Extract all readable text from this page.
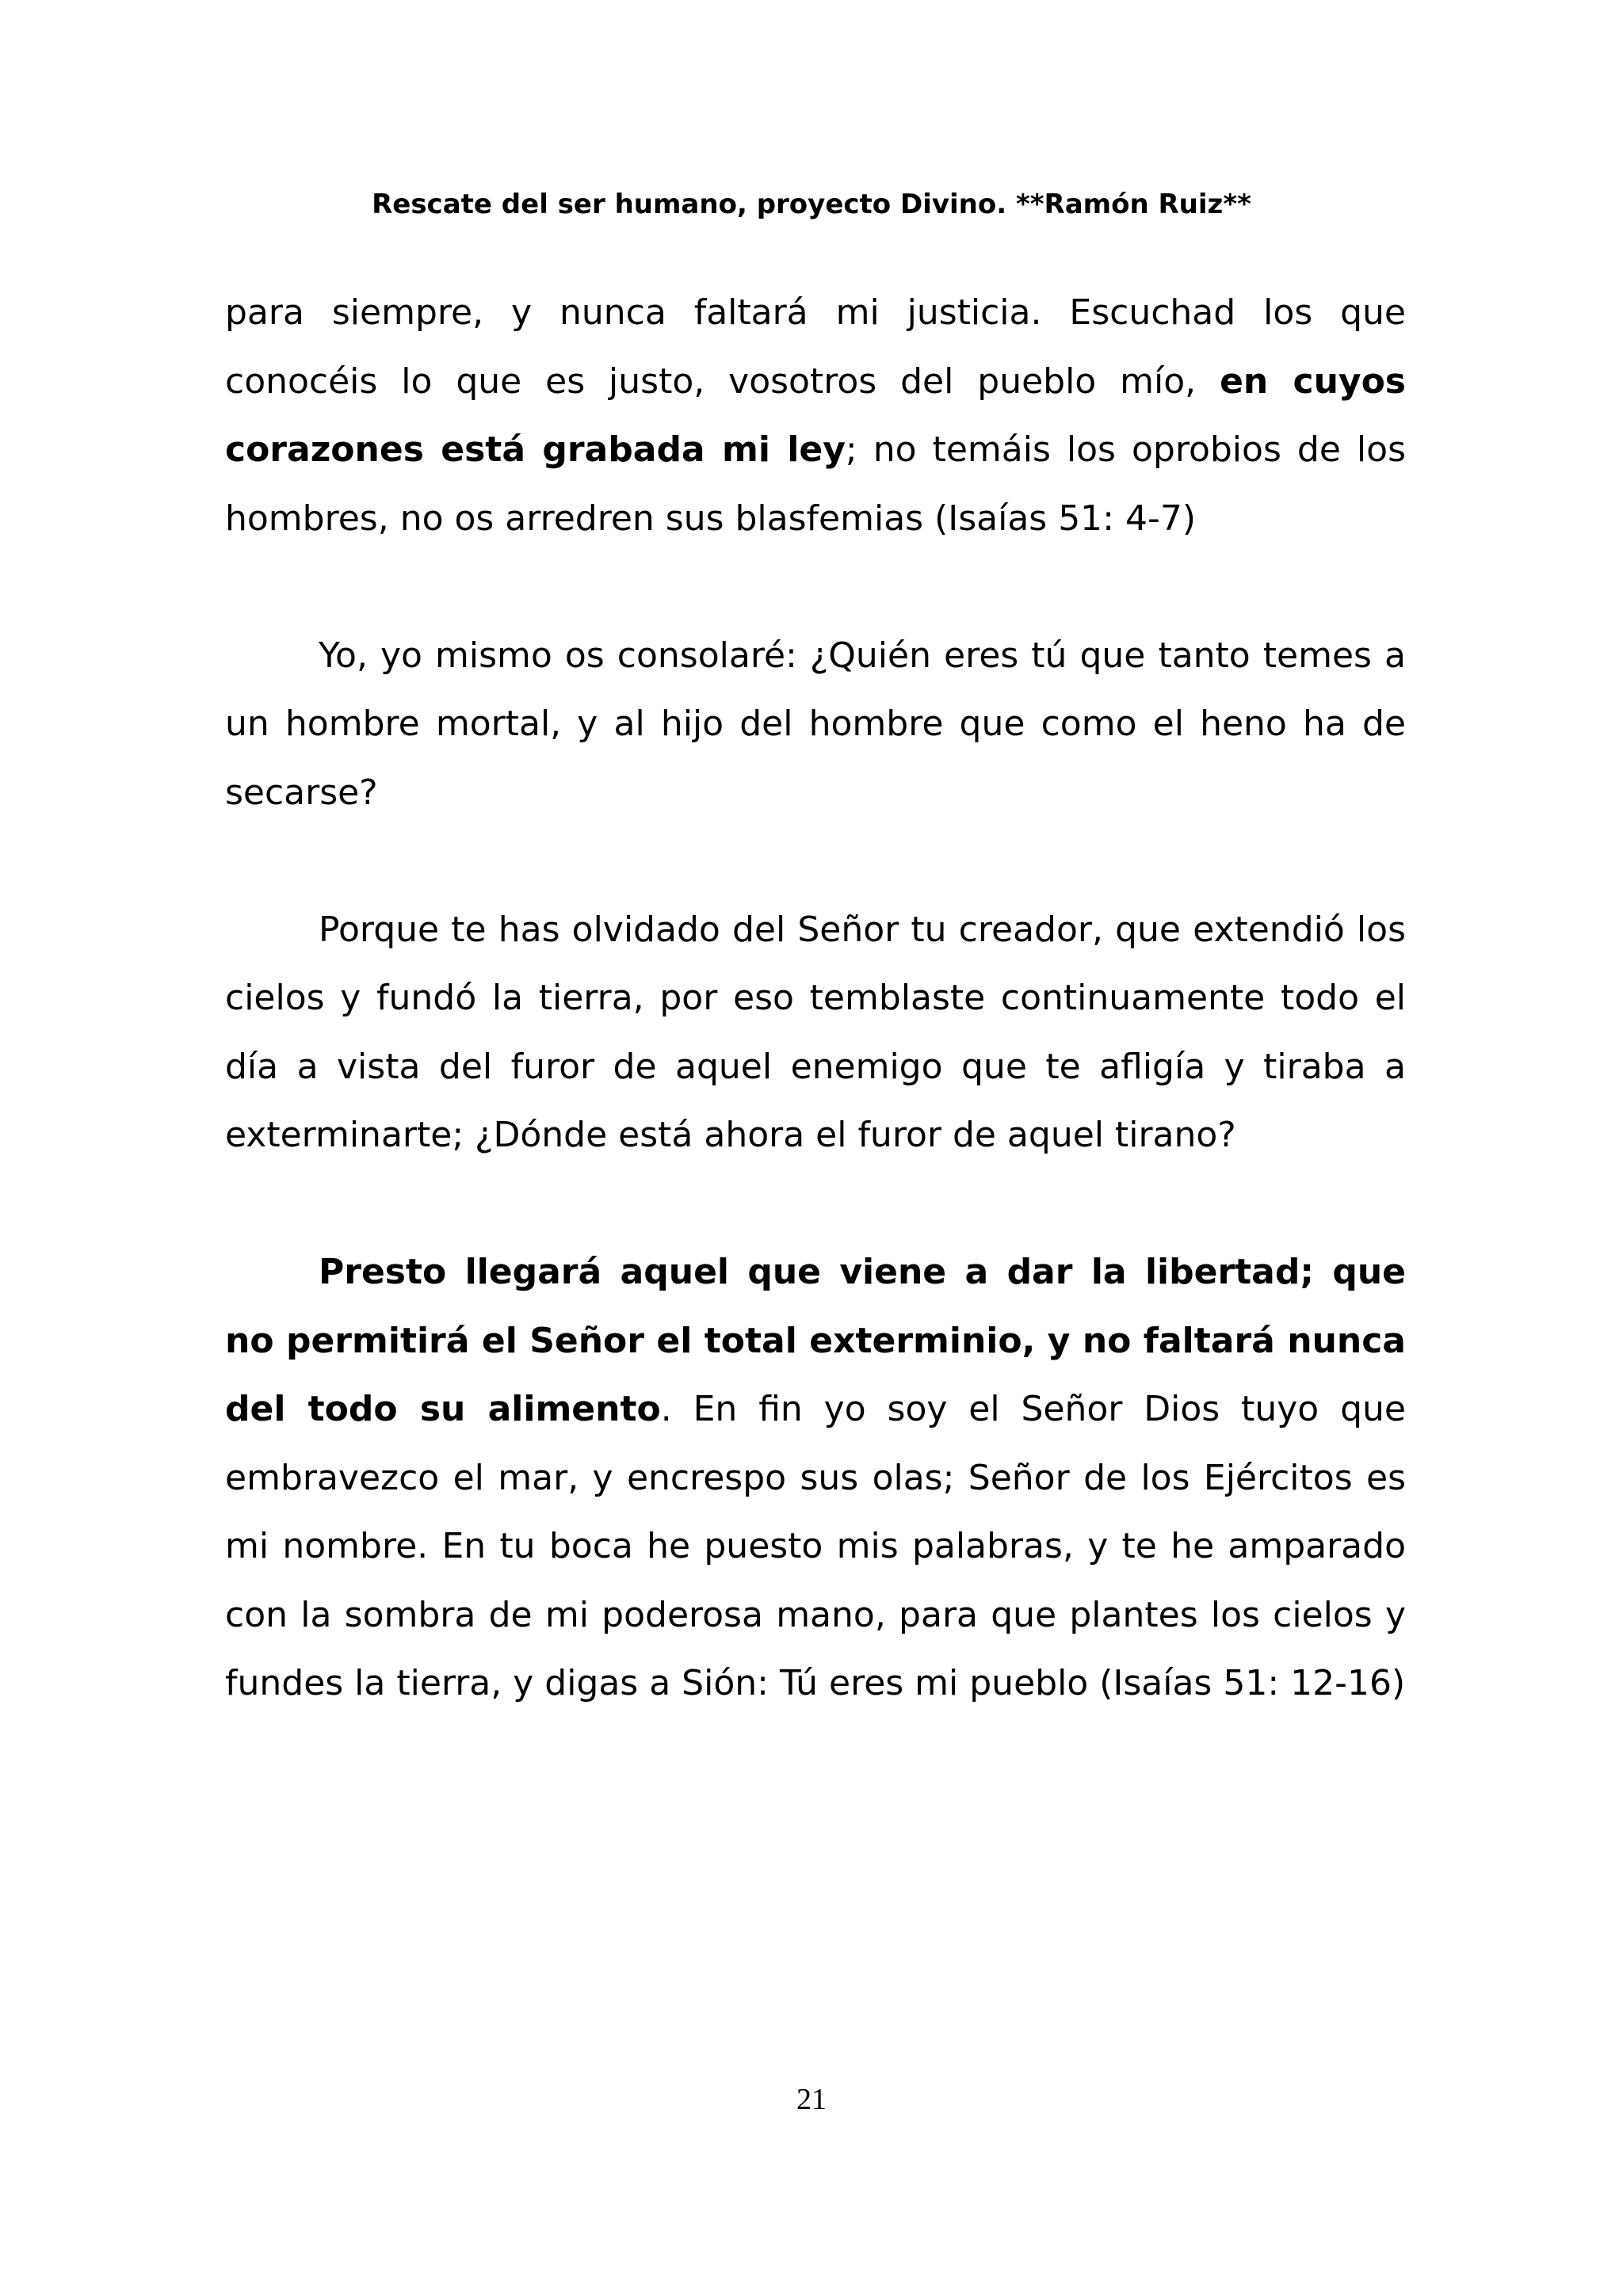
Rescate del ser humano, proyecto Divino. **Ramón Ruiz**

para siempre, y nunca faltará mi justicia. Escuchad los que conocéis lo que es justo, vosotros del pueblo mío, en cuyos corazones está grabada mi ley; no temáis los oprobios de los hombres, no os arredren sus blasfemias (Isaías 51: 4-7)

Yo, yo mismo os consolaré: ¿Quién eres tú que tanto temes a un hombre mortal, y al hijo del hombre que como el heno ha de secarse?

Porque te has olvidado del Señor tu creador, que extendió los cielos y fundó la tierra, por eso temblaste continuamente todo el día a vista del furor de aquel enemigo que te afligía y tiraba a exterminarte; ¿Dónde está ahora el furor de aquel tirano?

Presto llegará aquel que viene a dar la libertad; que no permitirá el Señor el total exterminio, y no faltará nunca del todo su alimento. En fin yo soy el Señor Dios tuyo que embravezco el mar, y encrespo sus olas; Señor de los Ejércitos es mi nombre. En tu boca he puesto mis palabras, y te he amparado con la sombra de mi poderosa mano, para que plantes los cielos y fundes la tierra, y digas a Sión: Tú eres mi pueblo (Isaías 51: 12-16)

21
